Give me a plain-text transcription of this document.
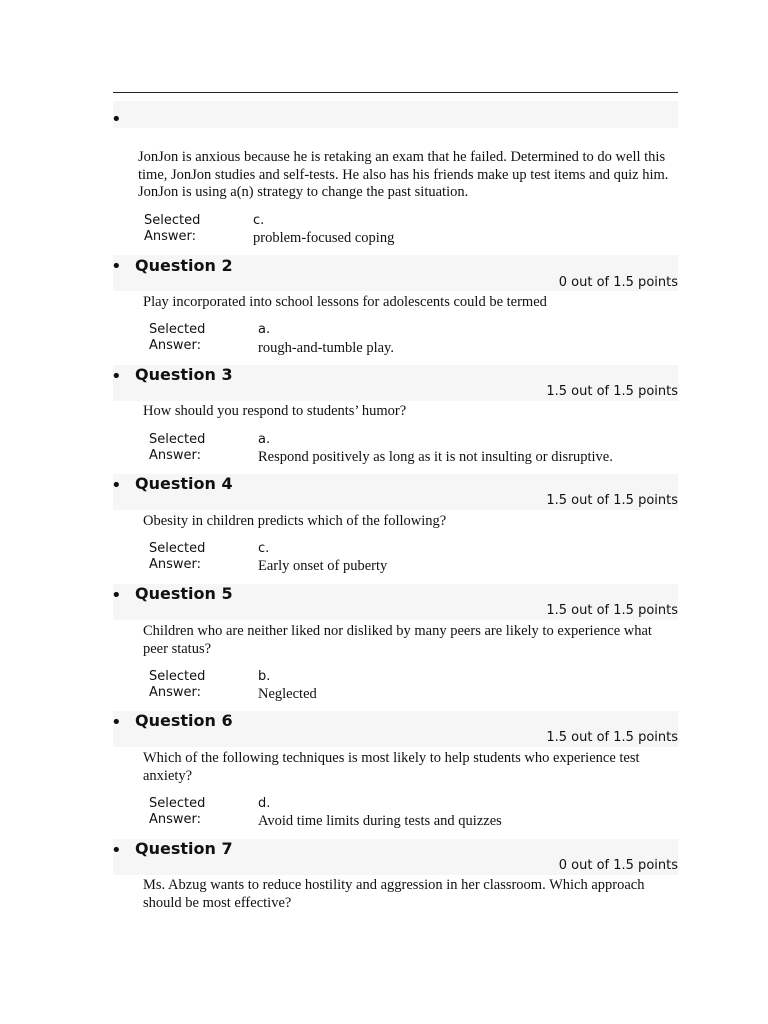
•
JonJon is anxious because he is retaking an exam that he failed. Determined to do well this time, JonJon studies and self-tests. He also has his friends make up test items and quiz him. JonJon is using a(n) strategy to change the past situation.
Selected
Answer:
c.
problem-focused coping
• Question 2
0 out of 1.5 points
Play incorporated into school lessons for adolescents could be termed
Selected
Answer:
a.
rough-and-tumble play.
• Question 3
1.5 out of 1.5 points
How should you respond to students’ humor?
Selected
Answer:
a.
Respond positively as long as it is not insulting or disruptive.
• Question 4
1.5 out of 1.5 points
Obesity in children predicts which of the following?
Selected
Answer:
c.
Early onset of puberty
• Question 5
1.5 out of 1.5 points
Children who are neither liked nor disliked by many peers are likely to experience what peer status?
Selected
Answer:
b.
Neglected
• Question 6
1.5 out of 1.5 points
Which of the following techniques is most likely to help students who experience test anxiety?
Selected
Answer:
d.
Avoid time limits during tests and quizzes
• Question 7
0 out of 1.5 points
Ms. Abzug wants to reduce hostility and aggression in her classroom. Which approach should be most effective?
